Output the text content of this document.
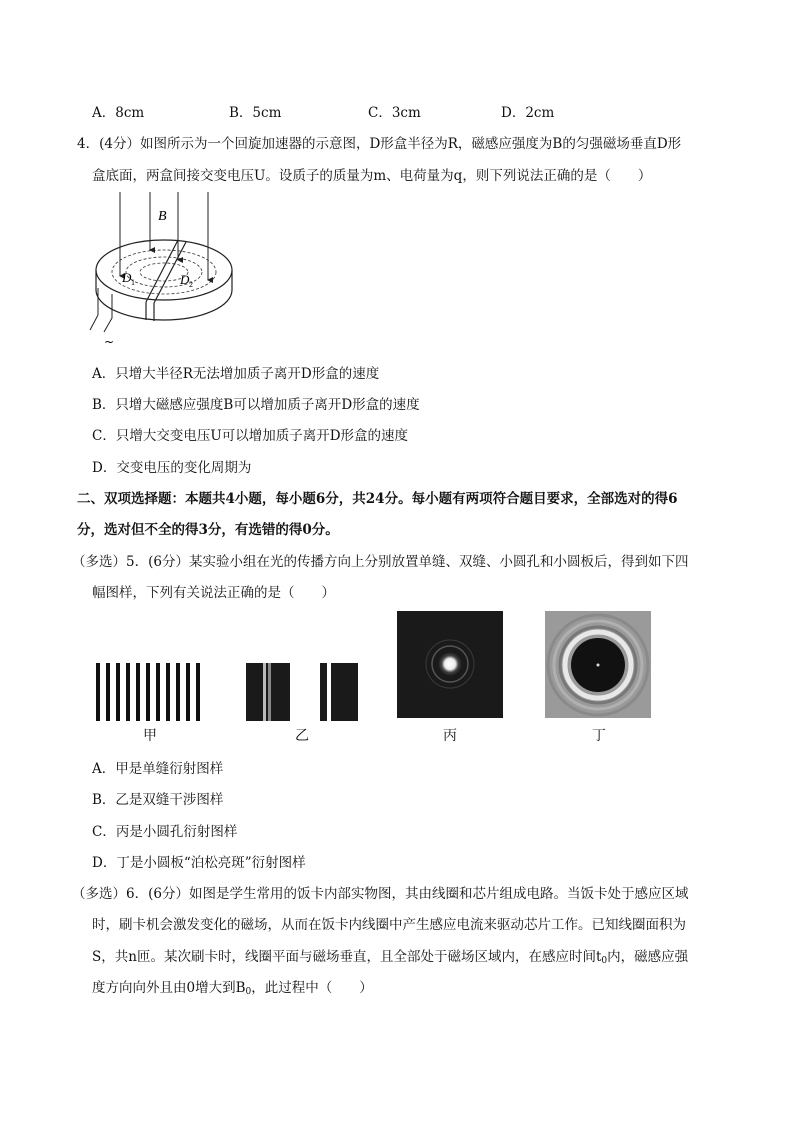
A．8cm	B．5cm	C．3cm	D．2cm
4．(4分）如图所示为一个回旋加速器的示意图，D形盒半径为R，磁感应强度为B的匀强磁场垂直D形
盒底面，两盒间接交变电压U。设质子的质量为m、电荷量为q，则下列说法正确的是（　　）
B
D 1	D 2
~
A．只增大半径R无法增加质子离开D形盒的速度
B．只增大磁感应强度B可以增加质子离开D形盒的速度
C．只增大交变电压U可以增加质子离开D形盒的速度
D．交变电压的变化周期为
二、双项选择题：本题共4小题，每小题6分，共24分。每小题有两项符合题目要求，全部选对的得6
分，选对但不全的得3分，有选错的得0分。
（多选）5．(6分）某实验小组在光的传播方向上分别放置单缝、双缝、小圆孔和小圆板后，得到如下四
幅图样，下列有关说法正确的是（　　）
甲	乙	丙	丁
A．甲是单缝衍射图样
B．乙是双缝干涉图样
C．丙是小圆孔衍射图样
D．丁是小圆板“泊松亮斑”衍射图样
（多选）6．(6分）如图是学生常用的饭卡内部实物图，其由线圈和芯片组成电路。当饭卡处于感应区域
时，刷卡机会激发变化的磁场，从而在饭卡内线圈中产生感应电流来驱动芯片工作。已知线圈面积为
S，共n匝。某次刷卡时，线圈平面与磁场垂直，且全部处于磁场区域内，在感应时间$t_0$内，磁感应强
度方向向外且由0增大到$B_0$，此过程中（　　）
